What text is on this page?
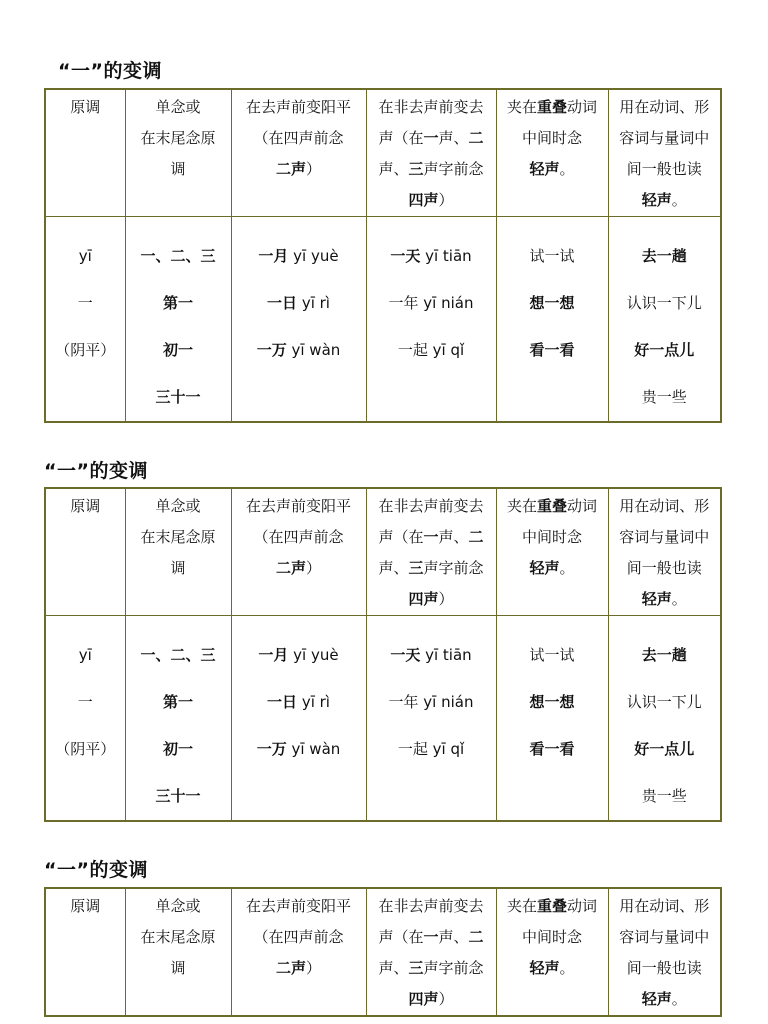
“一”的变调
原调	单念或
在末尾念原
调	在去声前变阳平
（在四声前念
二声）	在非去声前变去
声（在一声、二
声、三声字前念
四声）	夹在重叠动词
中间时念
轻声。	用在动词、形
容词与量词中
间一般也读
轻声。

yī
一
（阴平）	一、二、三
第一
初一
三十一	一月 yī yuè
一日 yī rì
一万 yī wàn	一天 yī tiān
一年 yī nián
一起 yī qǐ	试一试
想一想
看一看	去一趟
认识一下儿
好一点儿
贵一些
“一”的变调
原调	单念或
在末尾念原
调	在去声前变阳平
（在四声前念
二声）	在非去声前变去
声（在一声、二
声、三声字前念
四声）	夹在重叠动词
中间时念
轻声。	用在动词、形
容词与量词中
间一般也读
轻声。

yī
一
（阴平）	一、二、三
第一
初一
三十一	一月 yī yuè
一日 yī rì
一万 yī wàn	一天 yī tiān
一年 yī nián
一起 yī qǐ	试一试
想一想
看一看	去一趟
认识一下儿
好一点儿
贵一些
“一”的变调
原调	单念或
在末尾念原
调

在去声前变阳平
（在四声前念
二声）

在非去声前变去
声（在一声、二
声、三声字前念
四声）

夹在重叠动词
中间时念
轻声。

用在动词、形
容词与量词中
间一般也读
轻声。
